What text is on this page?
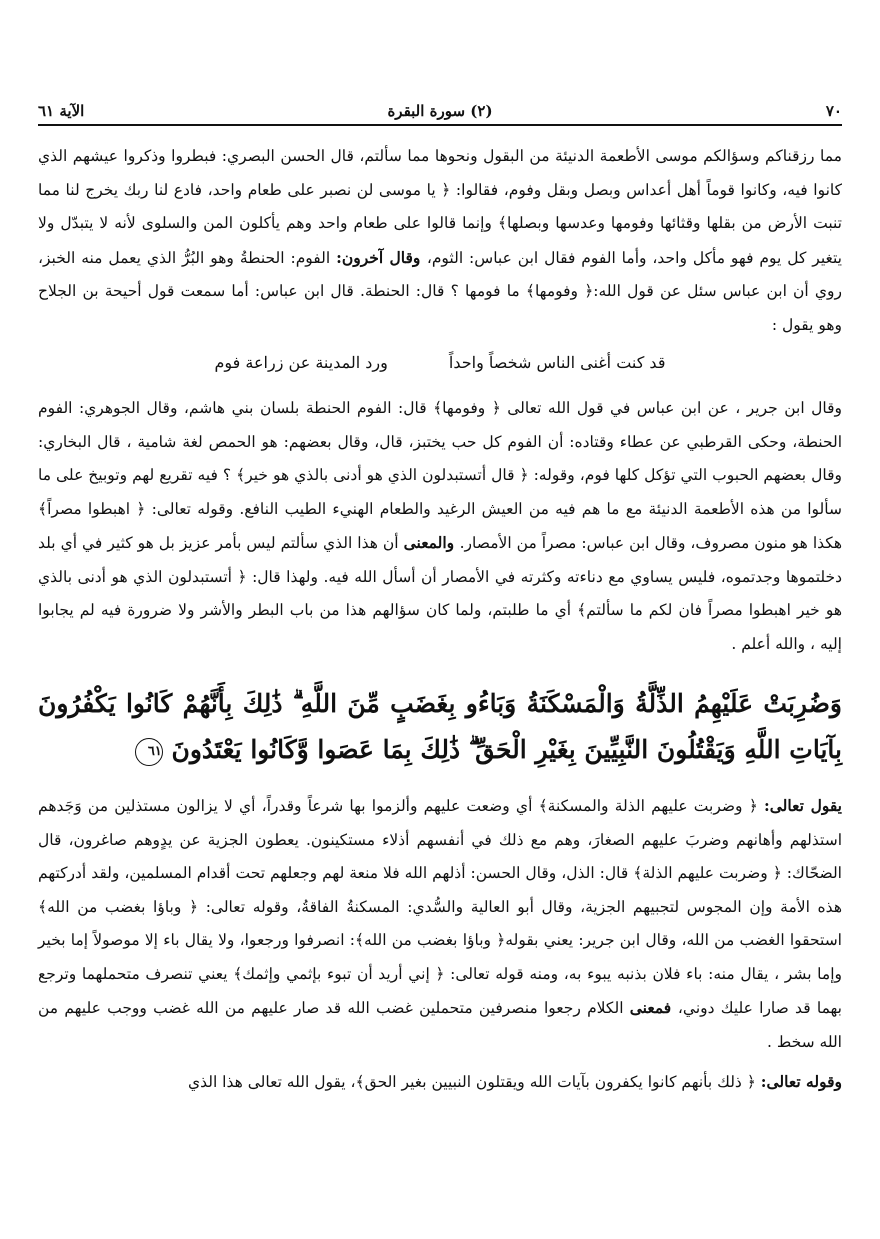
٧٠
(٢) سورة البقرة
الآية ٦١

مما رزقناكم وسؤالكم موسى الأطعمة الدنيئة من البقول ونحوها مما سألتم، قال الحسن البصري: فبطروا وذكروا عيشهم الذي كانوا فيه، وكانوا قوماً أهل أعداس وبصل وبقل وفوم، فقالوا: ﴿ يا موسى لن نصبر على طعام واحد، فادع لنا ربك يخرج لنا مما تنبت الأرض من بقلها وقثائها وفومها وعدسها وبصلها﴾ وإنما قالوا على طعام واحد وهم يأكلون المن والسلوى لأنه لا يتبدّل ولا يتغير كل يوم فهو مأكل واحد، وأما الفوم فقال ابن عباس: الثوم، وقال آخرون: الفوم: الحنطةُ وهو البُرُّ الذي يعمل منه الخبز، روي أن ابن عباس سئل عن قول الله:﴿ وفومها﴾ ما فومها ؟ قال: الحنطة. قال ابن عباس: أما سمعت قول أحيحة بن الجلاح وهو يقول :

قد كنت أغنى الناس شخصاً واحداً ورد المدينة عن زراعة فوم

وقال ابن جرير ، عن ابن عباس في قول الله تعالى ﴿ وفومها﴾ قال: الفوم الحنطة بلسان بني هاشم، وقال الجوهري: الفوم الحنطة، وحكى القرطبي عن عطاء وقتاده: أن الفوم كل حب يختبز، قال، وقال بعضهم: هو الحمص لغة شامية ، قال البخاري: وقال بعضهم الحبوب التي تؤكل كلها فوم، وقوله: ﴿ قال أتستبدلون الذي هو أدنى بالذي هو خير﴾ ؟ فيه تقريع لهم وتوبيخ على ما سألوا من هذه الأطعمة الدنيئة مع ما هم فيه من العيش الرغيد والطعام الهنيء الطيب النافع. وقوله تعالى: ﴿ اهبطوا مصراً﴾ هكذا هو منون مصروف، وقال ابن عباس: مصراً من الأمصار. والمعنى أن هذا الذي سألتم ليس بأمر عزيز بل هو كثير في أي بلد دخلتموها وجدتموه، فليس يساوي مع دناءته وكثرته في الأمصار أن أسأل الله فيه. ولهذا قال: ﴿ أتستبدلون الذي هو أدنى بالذي هو خير اهبطوا مصراً فان لكم ما سألتم﴾ أي ما طلبتم، ولما كان سؤالهم هذا من باب البطر والأشر ولا ضرورة فيه لم يجابوا إليه ، والله أعلم .

وَضُرِبَتْ عَلَيْهِمُ الذِّلَّةُ وَالْمَسْكَنَةُ وَبَاءُو بِغَضَبٍ مِّنَ اللَّهِ ۗ ذَٰلِكَ بِأَنَّهُمْ كَانُوا يَكْفُرُونَ بِآيَاتِ اللَّهِ وَيَقْتُلُونَ النَّبِيِّينَ بِغَيْرِ الْحَقِّ ۗ ذَٰلِكَ بِمَا عَصَوا وَّكَانُوا يَعْتَدُونَ ٦١

يقول تعالى: ﴿ وضربت عليهم الذلة والمسكنة﴾ أي وضعت عليهم وألزموا بها شرعاً وقدراً، أي لا يزالون مستذلين من وَجَدهم استذلهم وأهانهم وضربَ عليهم الصغارَ، وهم مع ذلك في أنفسهم أذلاء مستكينون. يعطون الجزية عن يدٍوهم صاغرون، قال الضحّاك: ﴿ وضربت عليهم الذلة﴾ قال: الذل، وقال الحسن: أذلهم الله فلا منعة لهم وجعلهم تحت أقدام المسلمين، ولقد أدركتهم هذه الأمة وإن المجوس لتجبيهم الجزية، وقال أبو العالية والسُّدي: المسكنةُ الفاقةُ، وقوله تعالى: ﴿ وباؤا بغضب من الله﴾ استحقوا الغضب من الله، وقال ابن جرير: يعني بقوله﴿ وباؤا بغضب من الله﴾: انصرفوا ورجعوا، ولا يقال باء إلا موصولاً إما بخير وإما بشر ، يقال منه: باء فلان بذنبه يبوء به، ومنه قوله تعالى: ﴿ إني أريد أن تبوء بإثمي وإثمك﴾ يعني تنصرف متحملهما وترجع بهما قد صارا عليك دوني، فمعنى الكلام رجعوا منصرفين متحملين غضب الله قد صار عليهم من الله غضب ووجب عليهم من الله سخط .

وقوله تعالى: ﴿ ذلك بأنهم كانوا يكفرون بآيات الله ويقتلون النبيين بغير الحق﴾، يقول الله تعالى هذا الذي
